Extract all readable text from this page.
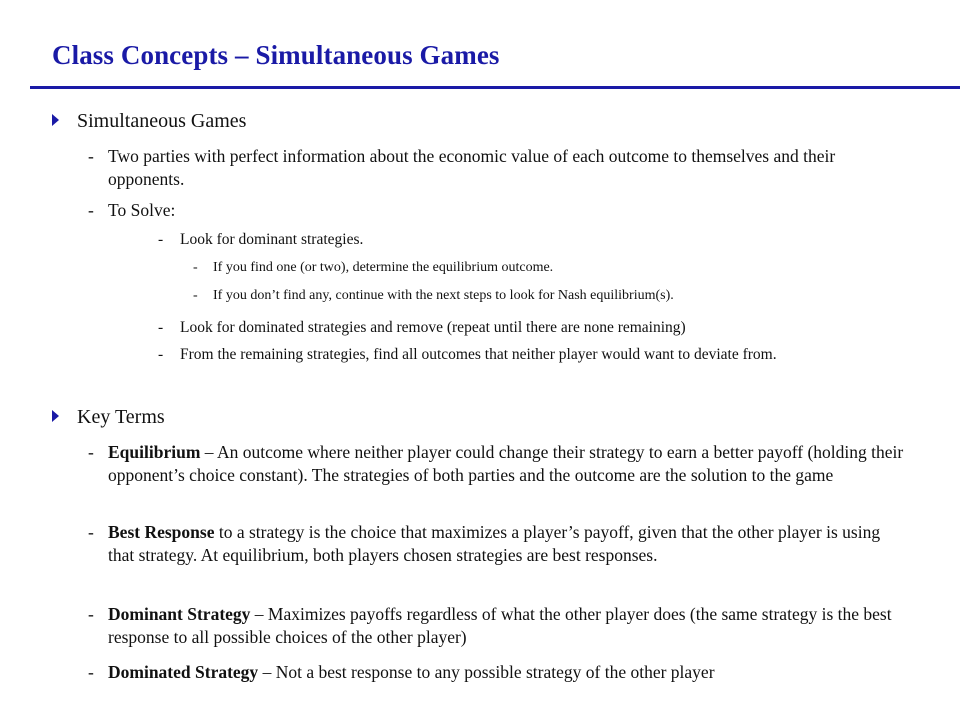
Class Concepts – Simultaneous Games
Simultaneous Games
- Two parties with perfect information about the economic value of each outcome to themselves and their opponents.
- To Solve:
- Look for dominant strategies.
- If you find one (or two), determine the equilibrium outcome.
- If you don’t find any, continue with the next steps to look for Nash equilibrium(s).
- Look for dominated strategies and remove (repeat until there are none remaining)
- From the remaining strategies, find all outcomes that neither player would want to deviate from.
Key Terms
- Equilibrium – An outcome where neither player could change their strategy to earn a better payoff (holding their opponent’s choice constant). The strategies of both parties and the outcome are the solution to the game
- Best Response to a strategy is the choice that maximizes a player’s payoff, given that the other player is using that strategy. At equilibrium, both players chosen strategies are best responses.
- Dominant Strategy – Maximizes payoffs regardless of what the other player does (the same strategy is the best response to all possible choices of the other player)
- Dominated Strategy – Not a best response to any possible strategy of the other player
